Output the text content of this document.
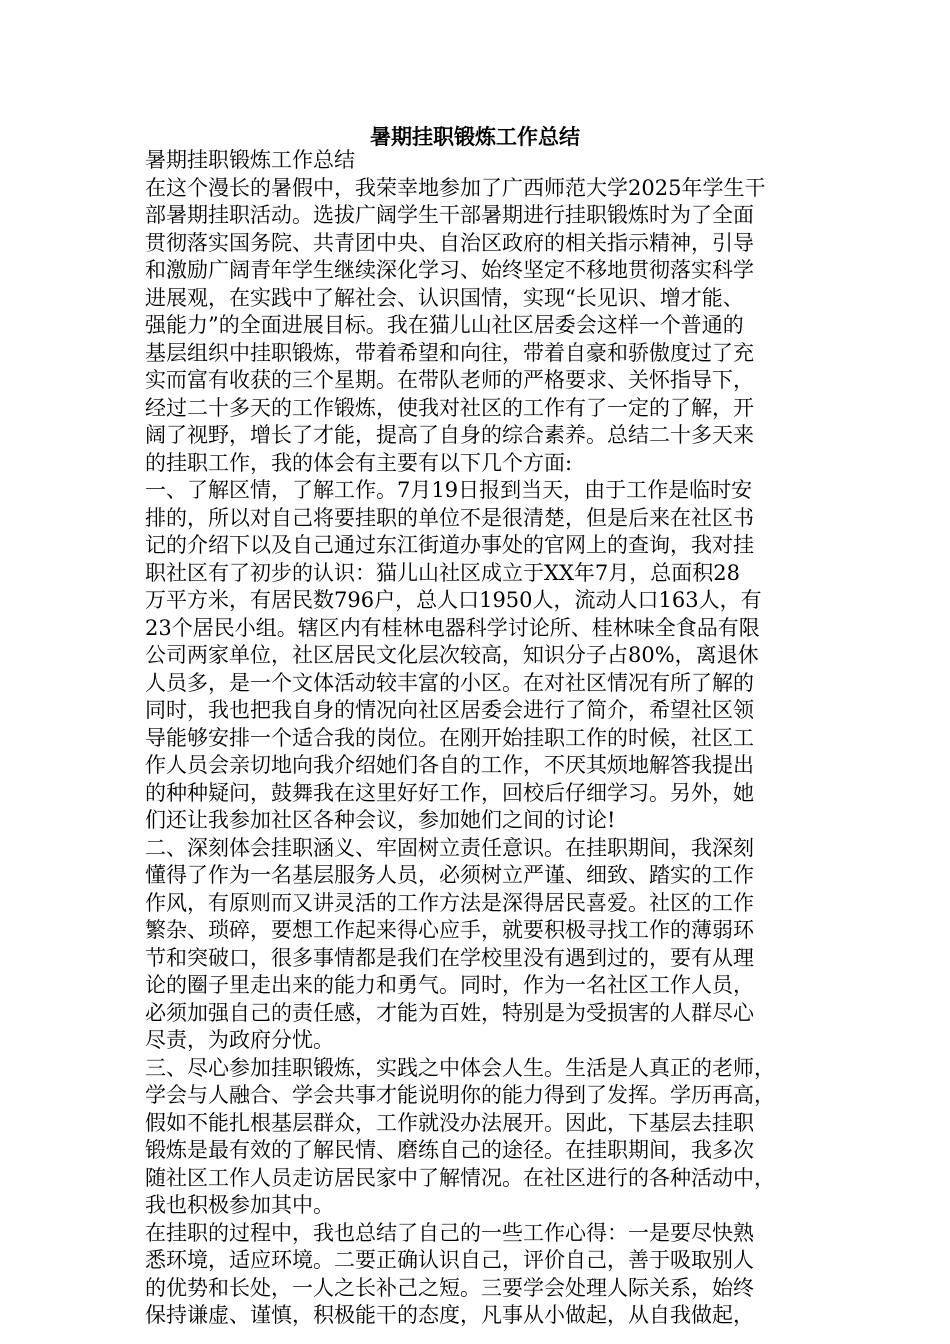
暑期挂职锻炼工作总结
暑期挂职锻炼工作总结
在这个漫长的暑假中，我荣幸地参加了广西师范大学2025年学生干
部暑期挂职活动。选拔广阔学生干部暑期进行挂职锻炼时为了全面
贯彻落实国务院、共青团中央、自治区政府的相关指示精神，引导
和激励广阔青年学生继续深化学习、始终坚定不移地贯彻落实科学
进展观，在实践中了解社会、认识国情，实现“长见识、增才能、
强能力”的全面进展目标。我在猫儿山社区居委会这样一个普通的
基层组织中挂职锻炼，带着希望和向往，带着自豪和骄傲度过了充
实而富有收获的三个星期。在带队老师的严格要求、关怀指导下，
经过二十多天的工作锻炼，使我对社区的工作有了一定的了解，开
阔了视野，增长了才能，提高了自身的综合素养。总结二十多天来
的挂职工作，我的体会有主要有以下几个方面:
一、了解区情，了解工作。7月19日报到当天，由于工作是临时安
排的，所以对自己将要挂职的单位不是很清楚，但是后来在社区书
记的介绍下以及自己通过东江街道办事处的官网上的查询，我对挂
职社区有了初步的认识：猫儿山社区成立于XX年7月，总面积28
万平方米，有居民数796户，总人口1950人，流动人口163人，有
23个居民小组。辖区内有桂林电器科学讨论所、桂林味全食品有限
公司两家单位，社区居民文化层次较高，知识分子占80%，离退休
人员多，是一个文体活动较丰富的小区。在对社区情况有所了解的
同时，我也把我自身的情况向社区居委会进行了简介，希望社区领
导能够安排一个适合我的岗位。在刚开始挂职工作的时候，社区工
作人员会亲切地向我介绍她们各自的工作，不厌其烦地解答我提出
的种种疑问，鼓舞我在这里好好工作，回校后仔细学习。另外，她
们还让我参加社区各种会议，参加她们之间的讨论!
二、深刻体会挂职涵义、牢固树立责任意识。在挂职期间，我深刻
懂得了作为一名基层服务人员，必须树立严谨、细致、踏实的工作
作风，有原则而又讲灵活的工作方法是深得居民喜爱。社区的工作
繁杂、琐碎，要想工作起来得心应手，就要积极寻找工作的薄弱环
节和突破口，很多事情都是我们在学校里没有遇到过的，要有从理
论的圈子里走出来的能力和勇气。同时，作为一名社区工作人员，
必须加强自己的责任感，才能为百姓，特别是为受损害的人群尽心
尽责，为政府分忧。
三、尽心参加挂职锻炼，实践之中体会人生。生活是人真正的老师，
学会与人融合、学会共事才能说明你的能力得到了发挥。学历再高，
假如不能扎根基层群众，工作就没办法展开。因此，下基层去挂职
锻炼是最有效的了解民情、磨练自己的途径。在挂职期间，我多次
随社区工作人员走访居民家中了解情况。在社区进行的各种活动中，
我也积极参加其中。
在挂职的过程中，我也总结了自己的一些工作心得：一是要尽快熟
悉环境，适应环境。二要正确认识自己，评价自己，善于吸取别人
的优势和长处，一人之长补己之短。三要学会处理人际关系，始终
保持谦虚、谨慎，积极能干的态度，凡事从小做起，从自我做起，
